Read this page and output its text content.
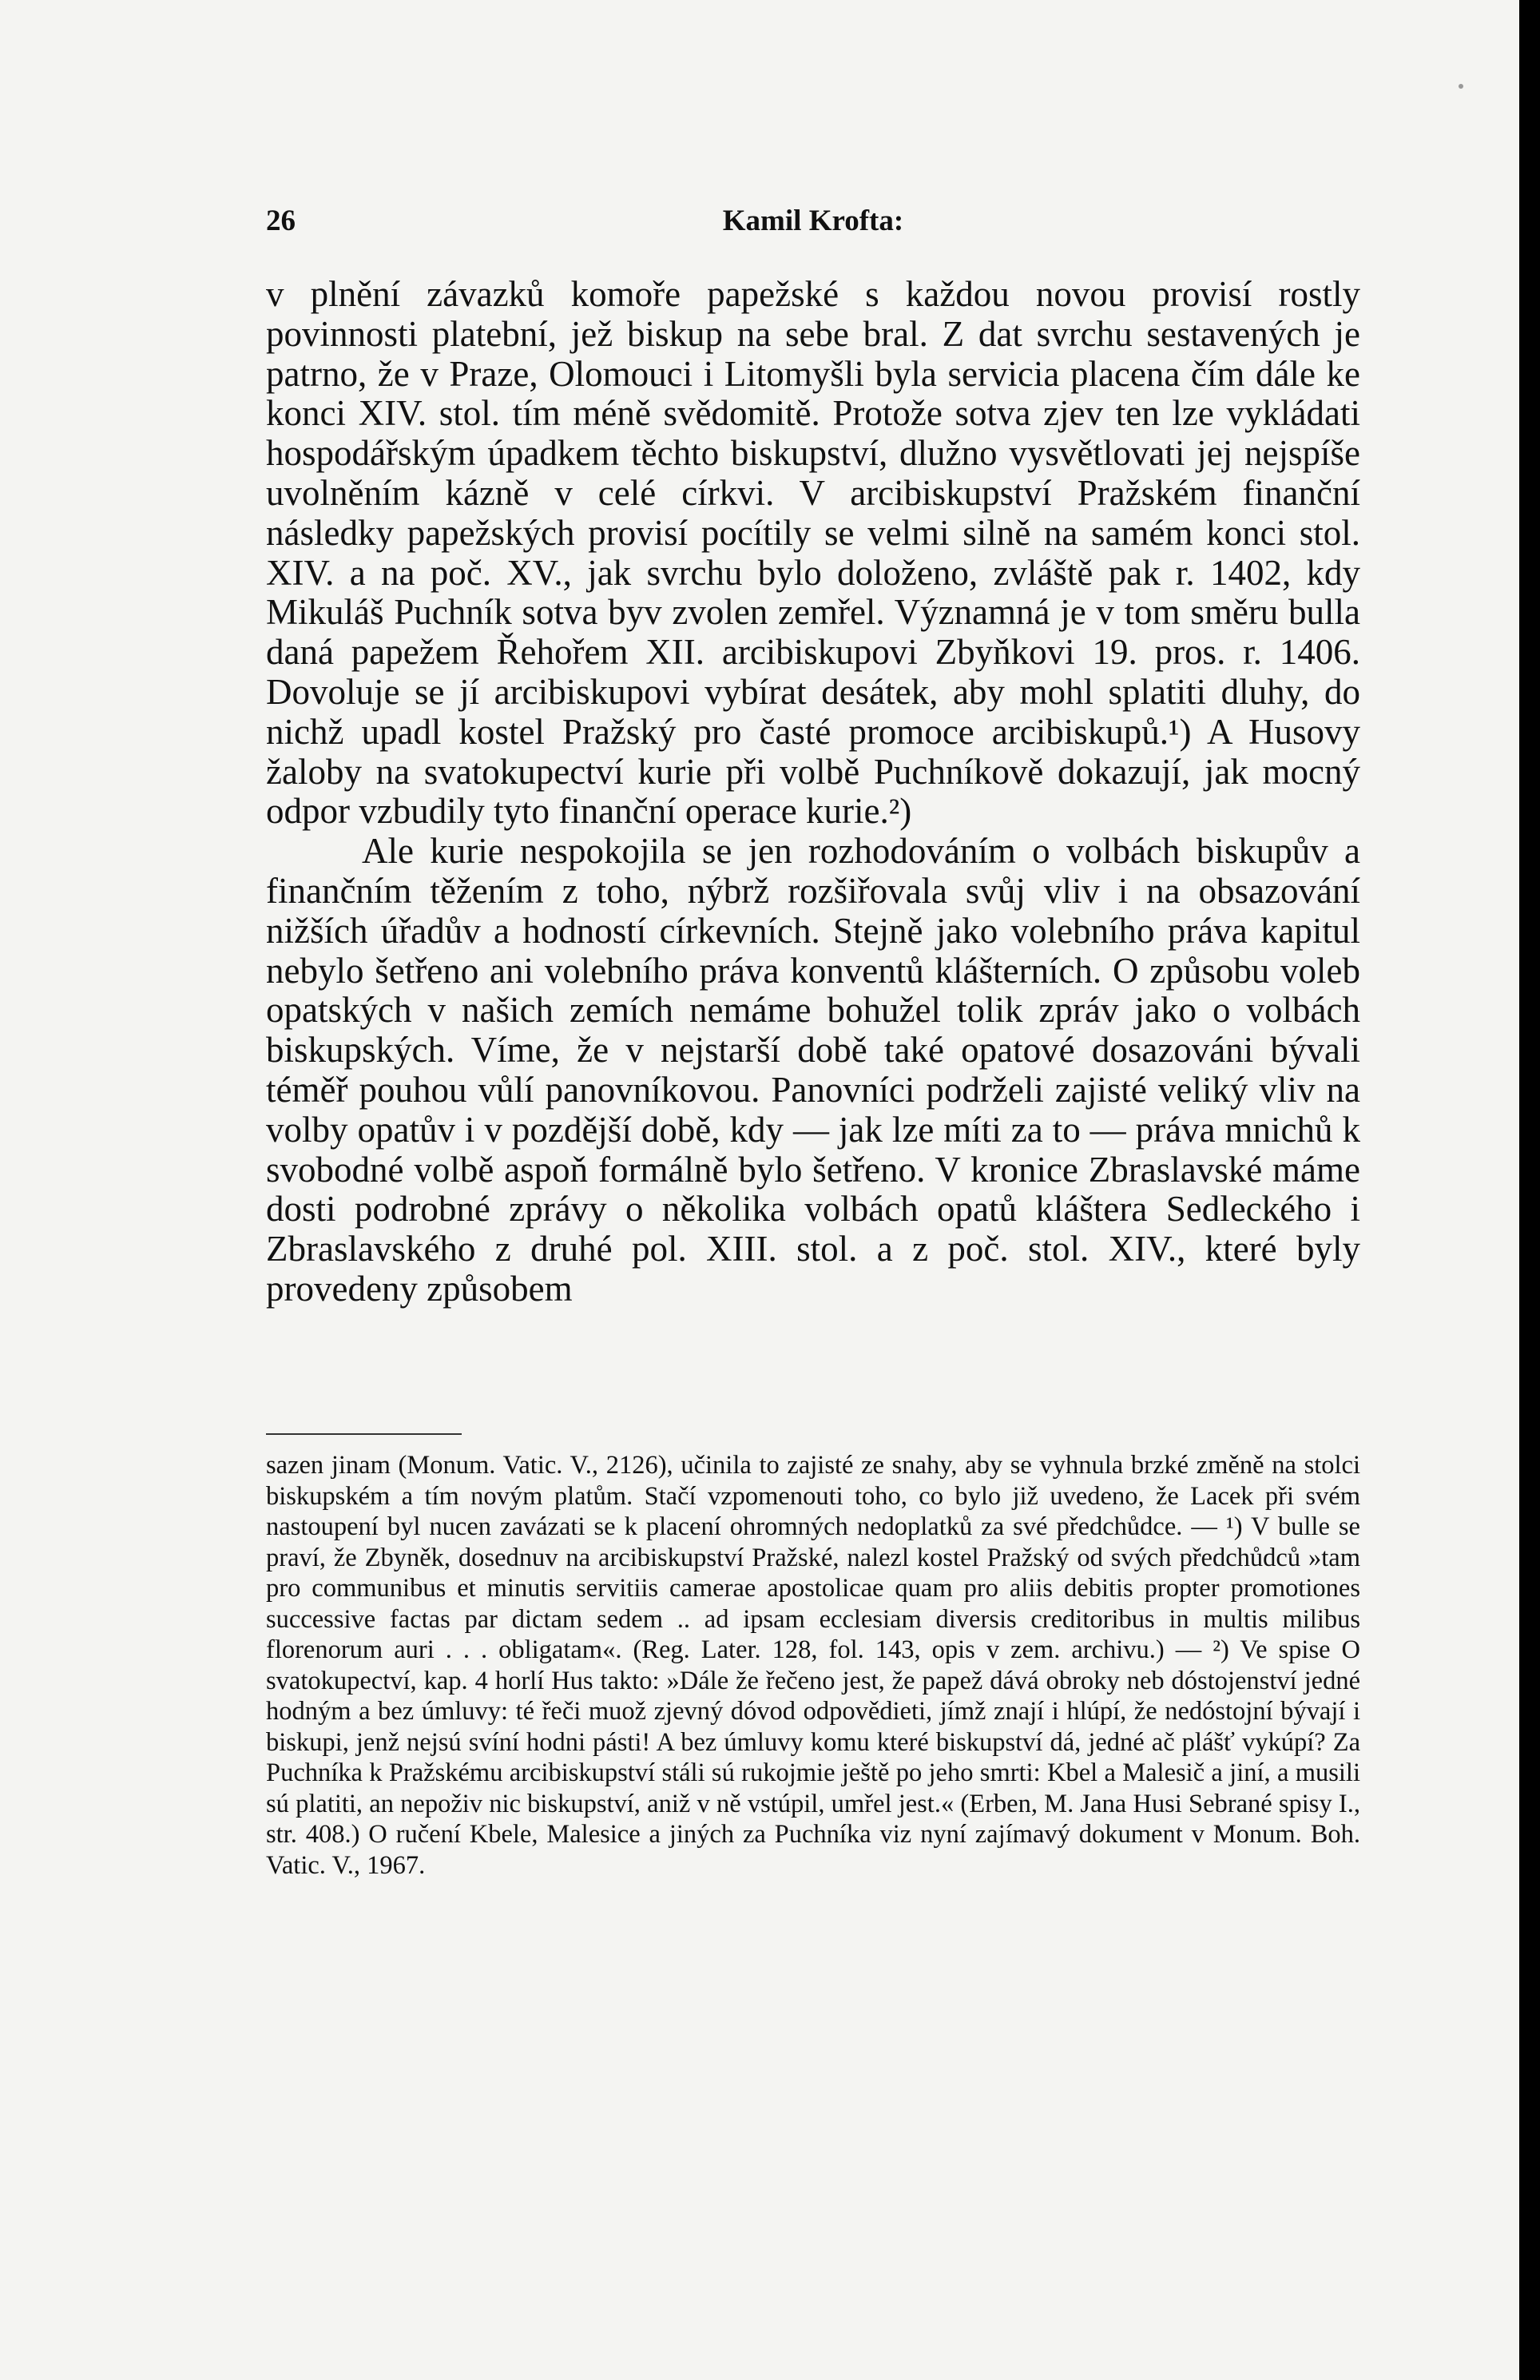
26	Kamil Krofta:

v plnění závazků komoře papežské s každou novou provisí rostly povinnosti platební, jež biskup na sebe bral. Z dat svrchu sestavených je patrno, že v Praze, Olomouci i Litomyšli byla servicia placena čím dále ke konci XIV. stol. tím méně svědomitě. Protože sotva zjev ten lze vykládati hospodářským úpadkem těchto biskupství, dlužno vysvětlovati jej nejspíše uvolněním kázně v celé církvi. V arcibiskupství Pražském finanční následky papežských provisí pocítily se velmi silně na samém konci stol. XIV. a na poč. XV., jak svrchu bylo doloženo, zvláště pak r. 1402, kdy Mikuláš Puchník sotva byv zvolen zemřel. Významná je v tom směru bulla daná papežem Řehořem XII. arcibiskupovi Zbyňkovi 19. pros. r. 1406. Dovoluje se jí arcibiskupovi vybírat desátek, aby mohl splatiti dluhy, do nichž upadl kostel Pražský pro časté promoce arcibiskupů.¹) A Husovy žaloby na svatokupectví kurie při volbě Puchníkově dokazují, jak mocný odpor vzbudily tyto finanční operace kurie.²)

Ale kurie nespokojila se jen rozhodováním o volbách biskupův a finančním těžením z toho, nýbrž rozšiřovala svůj vliv i na obsazování nižších úřadův a hodností církevních. Stejně jako volebního práva kapitul nebylo šetřeno ani volebního práva konventů klášterních. O způsobu voleb opatských v našich zemích nemáme bohužel tolik zpráv jako o volbách biskupských. Víme, že v nejstarší době také opatové dosazováni bývali téměř pouhou vůlí panovníkovou. Panovníci podrželi zajisté veliký vliv na volby opatův i v pozdější době, kdy — jak lze míti za to — práva mnichů k svobodné volbě aspoň formálně bylo šetřeno. V kronice Zbraslavské máme dosti podrobné zprávy o několika volbách opatů kláštera Sedleckého i Zbraslavského z druhé pol. XIII. stol. a z poč. stol. XIV., které byly provedeny způsobem

sazen jinam (Monum. Vatic. V., 2126), učinila to zajisté ze snahy, aby se vyhnula brzké změně na stolci biskupském a tím novým platům. Stačí vzpomenouti toho, co bylo již uvedeno, že Lacek při svém nastoupení byl nucen zavázati se k placení ohromných nedoplatků za své předchůdce. — ¹) V bulle se praví, že Zbyněk, dosednuv na arcibiskupství Pražské, nalezl kostel Pražský od svých předchůdců »tam pro communibus et minutis servitiis camerae apostolicae quam pro aliis debitis propter promotiones successive factas par dictam sedem .. ad ipsam ecclesiam diversis creditoribus in multis milibus florenorum auri . . . obligatam«. (Reg. Later. 128, fol. 143, opis v zem. archivu.) — ²) Ve spise O svatokupectví, kap. 4 horlí Hus takto: »Dále že řečeno jest, že papež dává obroky neb dóstojenství jedné hodným a bez úmluvy: té řeči muož zjevný dóvod odpovědieti, jímž znají i hlúpí, že nedóstojní bývají i biskupi, jenž nejsú svíní hodni pásti! A bez úmluvy komu které biskupství dá, jedné ač plášť vykúpí? Za Puchníka k Pražskému arcibiskupství stáli sú rukojmie ještě po jeho smrti: Kbel a Malesič a jiní, a musili sú platiti, an nepoživ nic biskupství, aniž v ně vstúpil, umřel jest.« (Erben, M. Jana Husi Sebrané spisy I., str. 408.) O ručení Kbele, Malesice a jiných za Puchníka viz nyní zajímavý dokument v Monum. Boh. Vatic. V., 1967.
